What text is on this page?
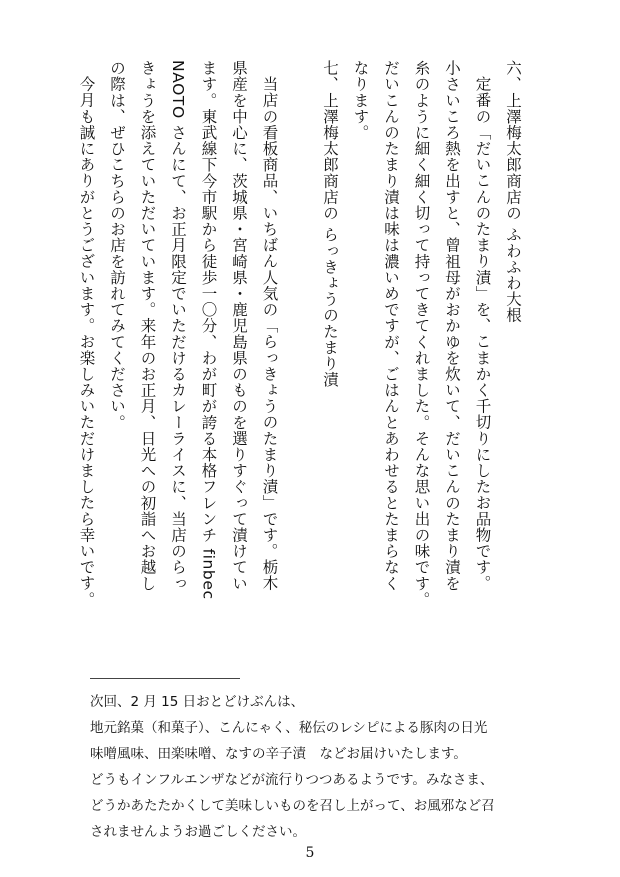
六、上澤梅太郎商店の ふわふわ大根

定番の「だいこんのたまり漬」を、こまかく千切りにしたお品物です。

小さいころ熱を出すと、曾祖母がおかゆを炊いて、だいこんのたまり漬を

糸のように細く細く切って持ってきてくれました。そんな思い出の味です。

だいこんのたまり漬は味は濃いめですが、ごはんとあわせるとたまらなく

なります。

七、上澤梅太郎商店の らっきょうのたまり漬

当店の看板商品、いちばん人気の「らっきょうのたまり漬」です。栃木

県産を中心に、茨城県・宮崎県・鹿児島県のものを選りすぐって漬けてい

ます。東武線下今市駅から徒歩一〇分、わが町が誇る本格フレンチ finbec

NAOTO さんにて、お正月限定でいただけるカレーライスに、当店のらっ

きょうを添えていただいています。来年のお正月、日光への初詣へお越し

の際は、ぜひこちらのお店を訪れてみてください。

今月も誠にありがとうございます。お楽しみいただけましたら幸いです。

次回、2 月 15 日おとどけぶんは、

地元銘菓（和菓子）、こんにゃく、秘伝のレシピによる豚肉の日光

味噌風味、田楽味噌、なすの辛子漬　などお届けいたします。

どうもインフルエンザなどが流行りつつあるようです。みなさま、

どうかあたたかくして美味しいものを召し上がって、お風邪など召

されませんようお過ごしください。

5
